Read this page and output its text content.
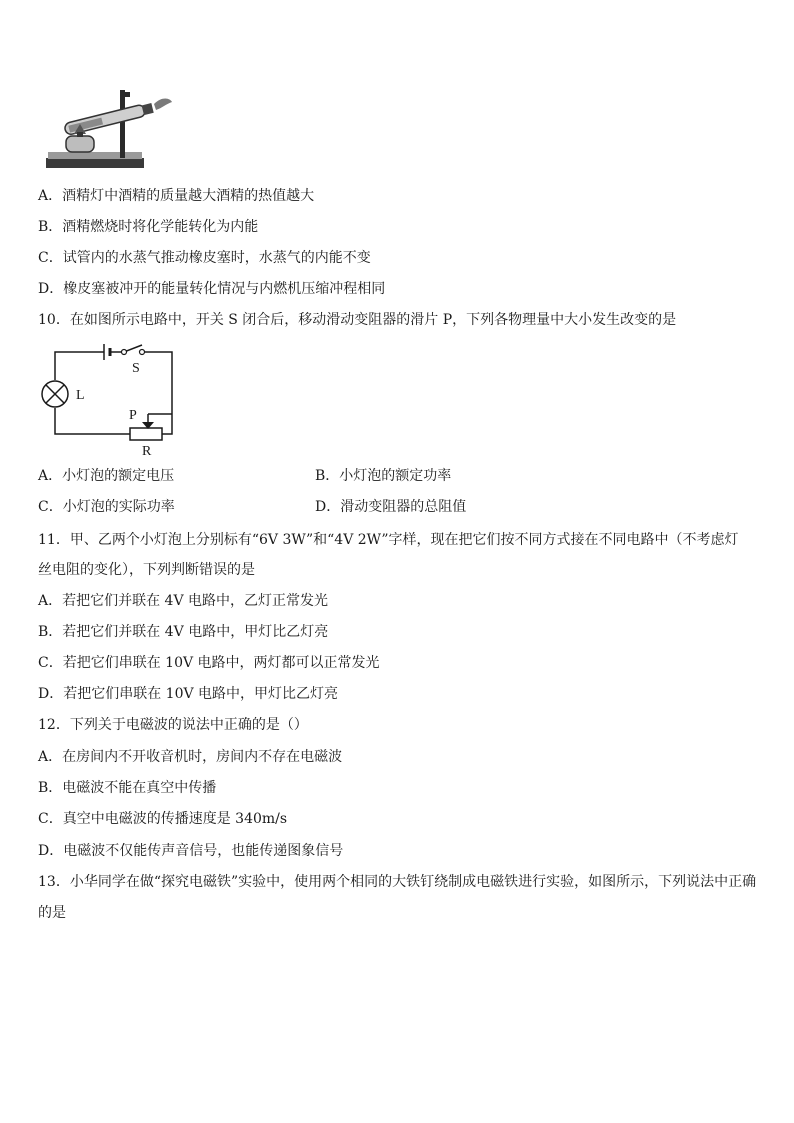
A．酒精灯中酒精的质量越大酒精的热值越大
B．酒精燃烧时将化学能转化为内能
C．试管内的水蒸气推动橡皮塞时，水蒸气的内能不变
D．橡皮塞被冲开的能量转化情况与内燃机压缩冲程相同
10．在如图所示电路中，开关 S 闭合后，移动滑动变阻器的滑片 P，下列各物理量中大小发生改变的是
L
S
P
R
A．小灯泡的额定电压	B．小灯泡的额定功率
C．小灯泡的实际功率	D．滑动变阻器的总阻值
11．甲、乙两个小灯泡上分别标有“6V 3W”和“4V 2W”字样，现在把它们按不同方式接在不同电路中（不考虑灯
丝电阻的变化），下列判断错误的是
A．若把它们并联在 4V 电路中，乙灯正常发光
B．若把它们并联在 4V 电路中，甲灯比乙灯亮
C．若把它们串联在 10V 电路中，两灯都可以正常发光
D．若把它们串联在 10V 电路中，甲灯比乙灯亮
12．下列关于电磁波的说法中正确的是（）
A．在房间内不开收音机时，房间内不存在电磁波
B．电磁波不能在真空中传播
C．真空中电磁波的传播速度是 340m/s
D．电磁波不仅能传声音信号，也能传递图象信号
13．小华同学在做“探究电磁铁”实验中，使用两个相同的大铁钉绕制成电磁铁进行实验，如图所示，下列说法中正确
的是
